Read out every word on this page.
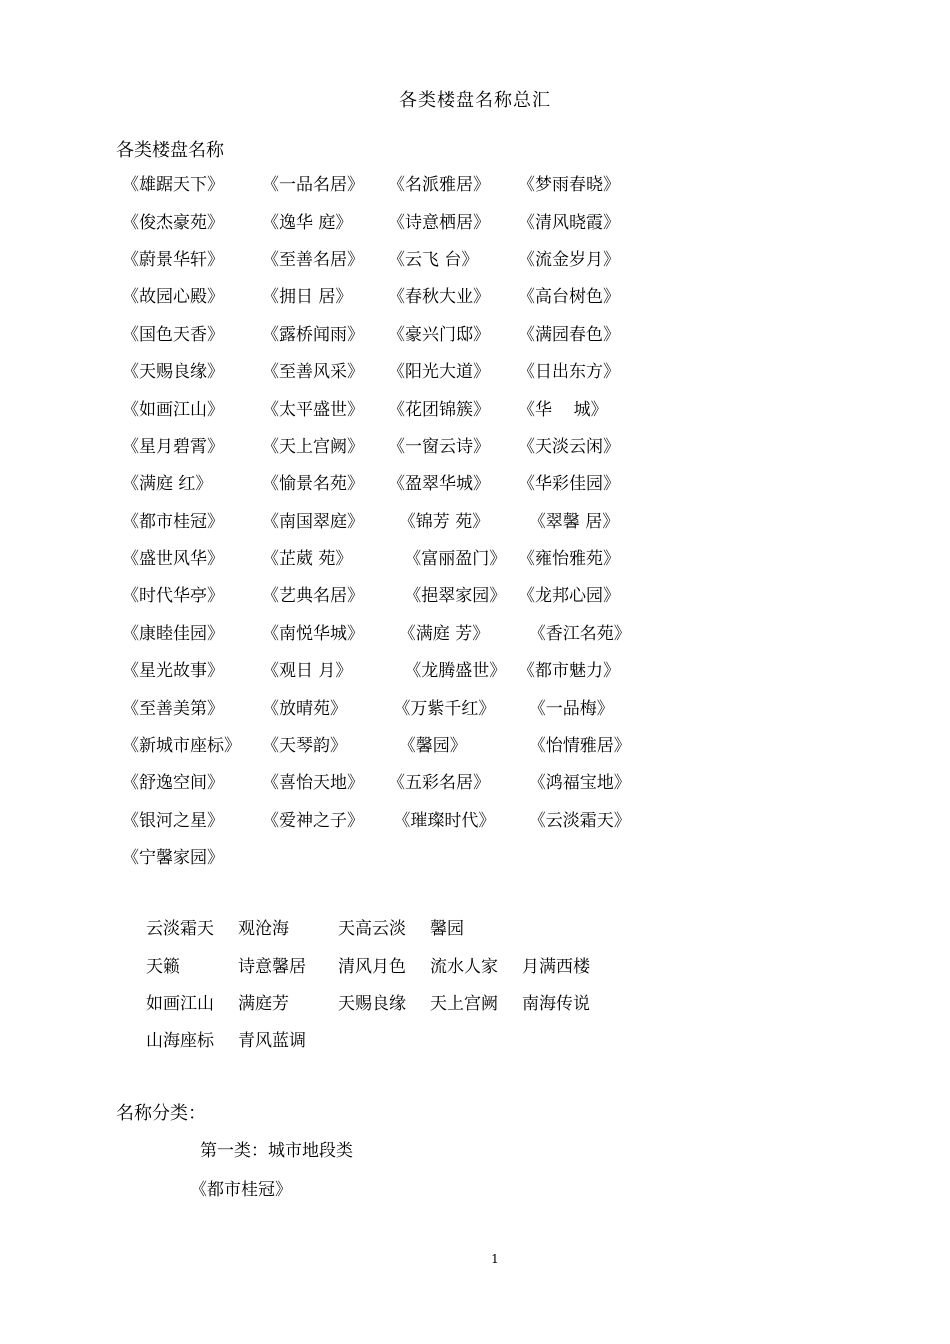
各类楼盘名称总汇
各类楼盘名称
《雄踞天下》	《一品名居》	《名派雅居》	《梦雨春晓》
《俊杰豪苑》	《逸华 庭》	《诗意栖居》	《清风晓霞》
《蔚景华轩》	《至善名居》	《云飞 台》	《流金岁月》
《故园心殿》	《拥日 居》	《春秋大业》	《高台树色》
《国色天香》	《露桥闻雨》	《豪兴门邸》	《满园春色》
《天赐良缘》	《至善风采》	《阳光大道》	《日出东方》
《如画江山》	《太平盛世》	《花团锦簇》	《华    城》
《星月碧霄》	《天上宫阙》	《一窗云诗》	《天淡云闲》
《满庭 红》	《愉景名苑》	《盈翠华城》	《华彩佳园》
《都市桂冠》	《南国翠庭》	《锦芳 苑》	《翠馨 居》
《盛世风华》	《芷葳 苑》	《富丽盈门》 《雍怡雅苑》
《时代华亭》	《艺典名居》	《挹翠家园》 《龙邦心园》
《康睦佳园》	《南悦华城》	《满庭 芳》	《香江名苑》
《星光故事》	《观日 月》	《龙腾盛世》 《都市魅力》
《至善美第》	《放晴苑》	《万紫千红》	《一品梅》
《新城市座标》	《天琴韵》	《馨园》	《怡情雅居》
《舒逸空间》	《喜怡天地》	《五彩名居》	《鸿福宝地》
《银河之星》	《爱神之子》	《璀璨时代》	《云淡霜天》
《宁馨家园》
云淡霜天	观沧海	天高云淡	馨园
天籁	诗意馨居	清风月色	流水人家	月满西楼
如画江山	满庭芳	天赐良缘	天上宫阙	南海传说
山海座标	青风蓝调
名称分类：
第一类：城市地段类
《都市桂冠》
1
